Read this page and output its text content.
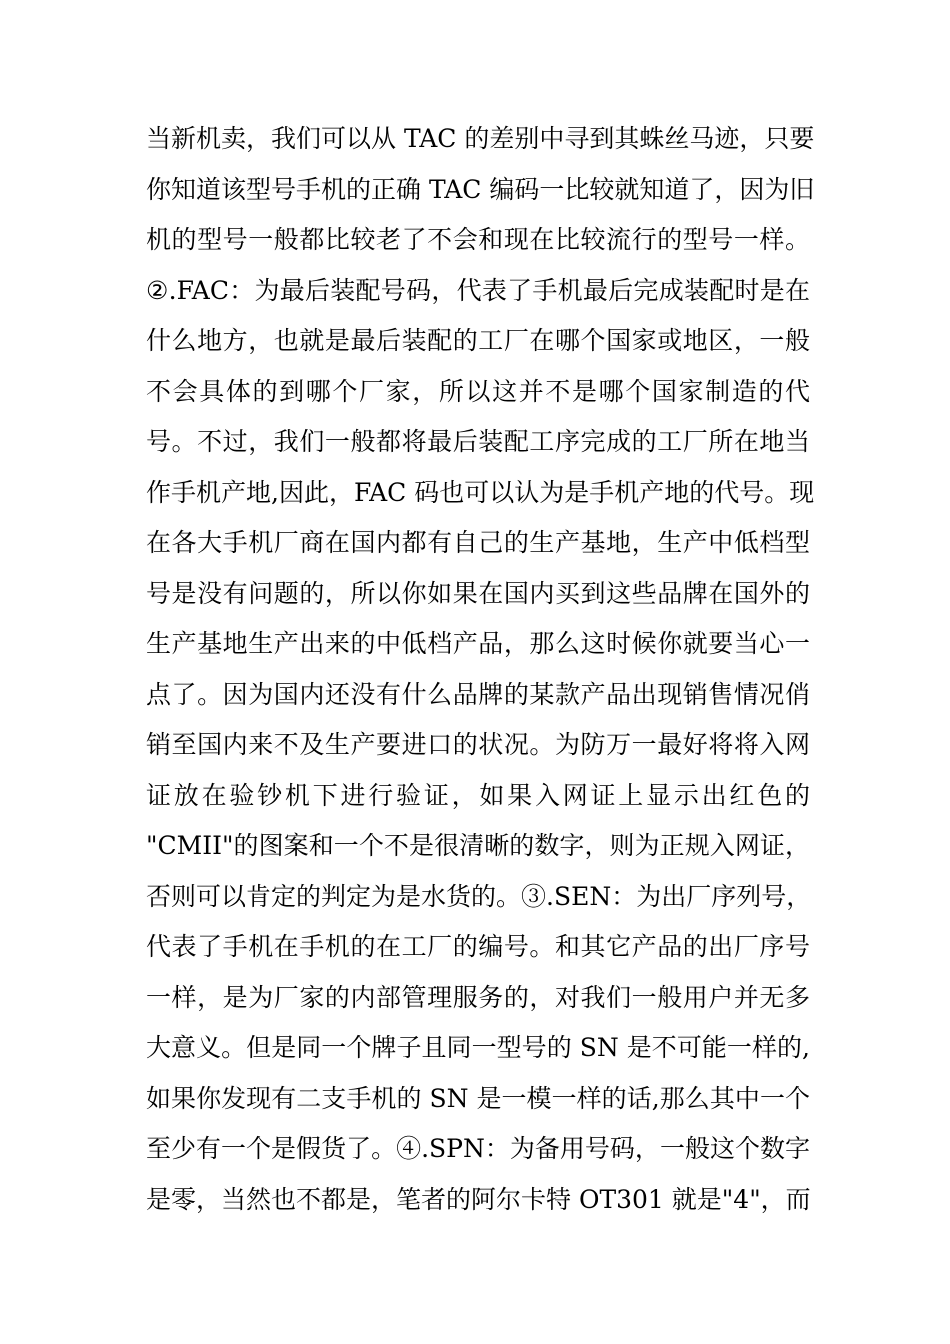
当新机卖，我们可以从 TAC 的差别中寻到其蛛丝马迹，只要
你知道该型号手机的正确 TAC 编码一比较就知道了，因为旧
机的型号一般都比较老了不会和现在比较流行的型号一样。
②.FAC：为最后装配号码，代表了手机最后完成装配时是在
什么地方，也就是最后装配的工厂在哪个国家或地区，一般
不会具体的到哪个厂家，所以这并不是哪个国家制造的代
号。不过，我们一般都将最后装配工序完成的工厂所在地当
作手机产地,因此，FAC 码也可以认为是手机产地的代号。现
在各大手机厂商在国内都有自己的生产基地，生产中低档型
号是没有问题的，所以你如果在国内买到这些品牌在国外的
生产基地生产出来的中低档产品，那么这时候你就要当心一
点了。因为国内还没有什么品牌的某款产品出现销售情况俏
销至国内来不及生产要进口的状况。为防万一最好将将入网
证放在验钞机下进行验证，如果入网证上显示出红色的
"CMII"的图案和一个不是很清晰的数字，则为正规入网证，
否则可以肯定的判定为是水货的。③.SEN：为出厂序列号，
代表了手机在手机的在工厂的编号。和其它产品的出厂序号
一样，是为厂家的内部管理服务的，对我们一般用户并无多
大意义。但是同一个牌子且同一型号的 SN 是不可能一样的,
如果你发现有二支手机的 SN 是一模一样的话,那么其中一个
至少有一个是假货了。④.SPN：为备用号码，一般这个数字
是零，当然也不都是，笔者的阿尔卡特 OT301 就是"4"，而
